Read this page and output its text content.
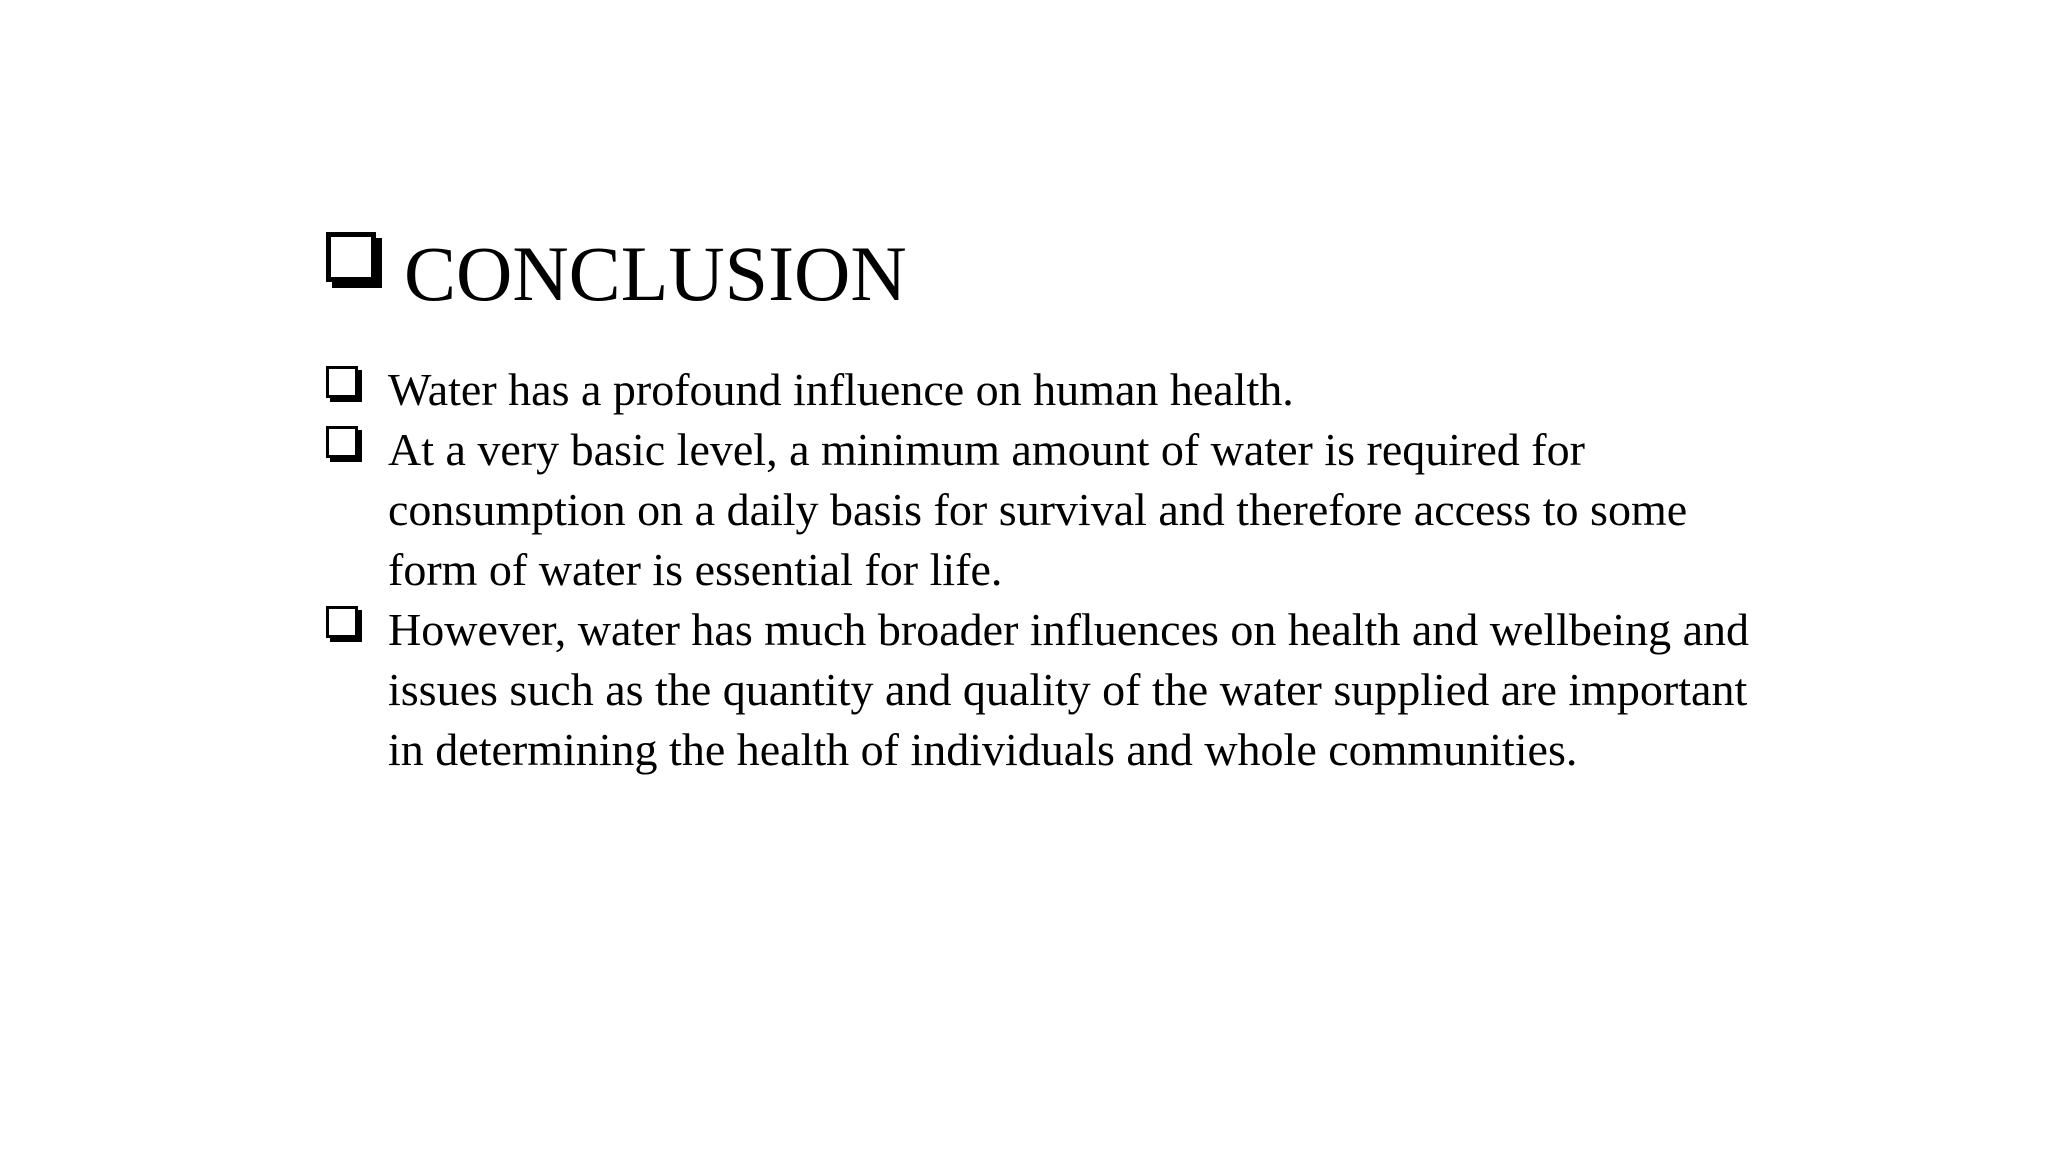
CONCLUSION
Water has a profound influence on human health.
At a very basic level, a minimum amount of water is required for consumption on a daily basis for survival and therefore access to some form of water is essential for life.
However, water has much broader influences on health and wellbeing and issues such as the quantity and quality of the water supplied are important in determining the health of individuals and whole communities.
